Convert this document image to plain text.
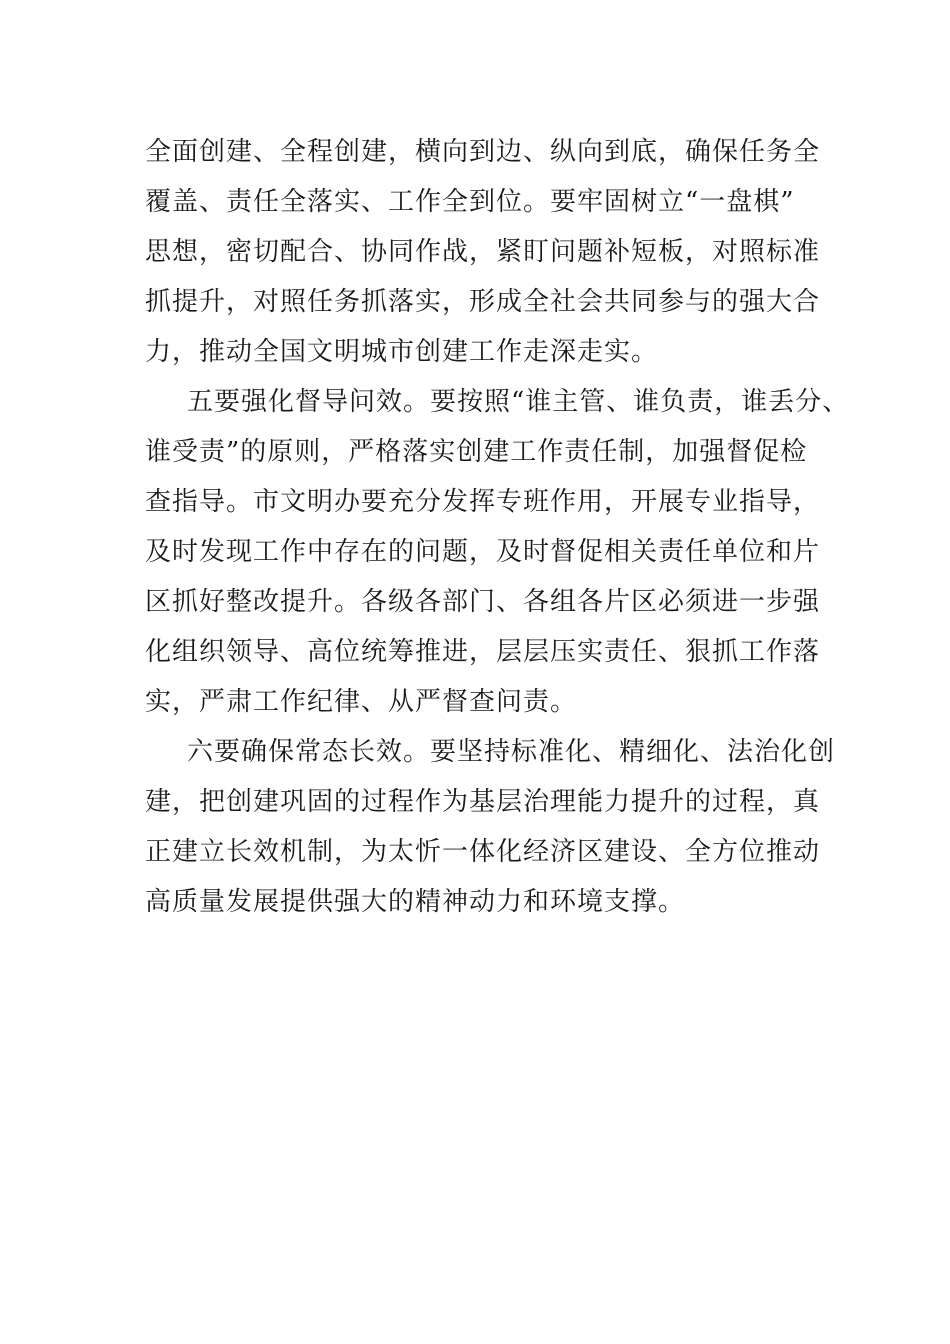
全面创建、全程创建，横向到边、纵向到底，确保任务全
覆盖、责任全落实、工作全到位。要牢固树立“一盘棋”
思想，密切配合、协同作战，紧盯问题补短板，对照标准
抓提升，对照任务抓落实，形成全社会共同参与的强大合
力，推动全国文明城市创建工作走深走实。
五要强化督导问效。要按照“谁主管、谁负责，谁丢分、
谁受责”的原则，严格落实创建工作责任制，加强督促检
查指导。市文明办要充分发挥专班作用，开展专业指导，
及时发现工作中存在的问题，及时督促相关责任单位和片
区抓好整改提升。各级各部门、各组各片区必须进一步强
化组织领导、高位统筹推进，层层压实责任、狠抓工作落
实，严肃工作纪律、从严督查问责。
六要确保常态长效。要坚持标准化、精细化、法治化创
建，把创建巩固的过程作为基层治理能力提升的过程，真
正建立长效机制，为太忻一体化经济区建设、全方位推动
高质量发展提供强大的精神动力和环境支撑。
